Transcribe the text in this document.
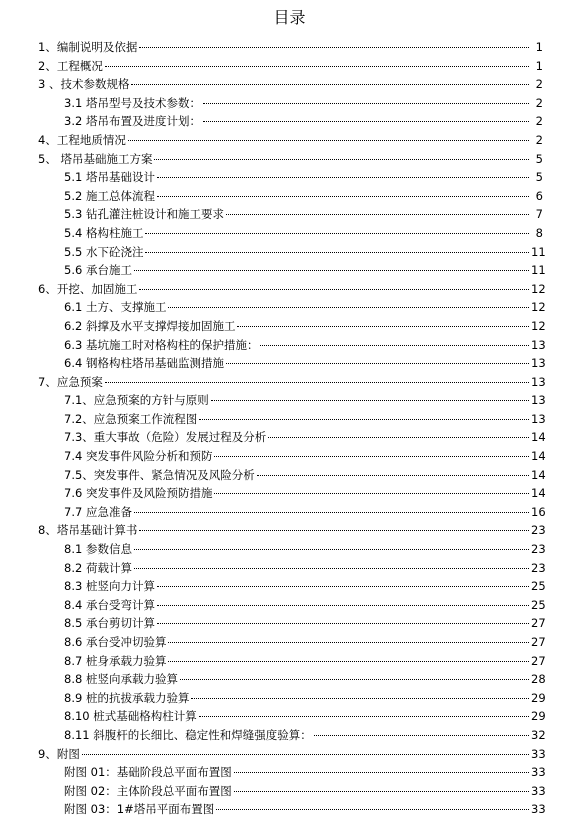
目录
1、编制说明及依据	1
2、工程概况	1
3 、技术参数规格	2
3.1 塔吊型号及技术参数：	2
3.2 塔吊布置及进度计划：	2
4、工程地质情况	2
5、 塔吊基础施工方案	5
5.1 塔吊基础设计	5
5.2 施工总体流程	6
5.3 钻孔灌注桩设计和施工要求	7
5.4 格构柱施工	8
5.5 水下砼浇注	11
5.6 承台施工	11
6、开挖、加固施工	12
6.1 土方、支撑施工	12
6.2 斜撑及水平支撑焊接加固施工	12
6.3 基坑施工时对格构柱的保护措施：	13
6.4 钢格构柱塔吊基础监测措施	13
7、应急预案	13
7.1、应急预案的方针与原则	13
7.2、应急预案工作流程图	13
7.3、重大事故（危险）发展过程及分析	14
7.4 突发事件风险分析和预防	14
7.5、突发事件、紧急情况及风险分析	14
7.6 突发事件及风险预防措施	14
7.7 应急准备	16
8、塔吊基础计算书	23
8.1 参数信息	23
8.2 荷载计算	23
8.3 桩竖向力计算	25
8.4 承台受弯计算	25
8.5 承台剪切计算	27
8.6 承台受冲切验算	27
8.7 桩身承载力验算	27
8.8 桩竖向承载力验算	28
8.9 桩的抗拔承载力验算	29
8.10 桩式基础格构柱计算	29
8.11 斜腹杆的长细比、稳定性和焊缝强度验算：	32
9、附图	33
附图 01：基础阶段总平面布置图	33
附图 02：主体阶段总平面布置图	33
附图 03：1#塔吊平面布置图	33
